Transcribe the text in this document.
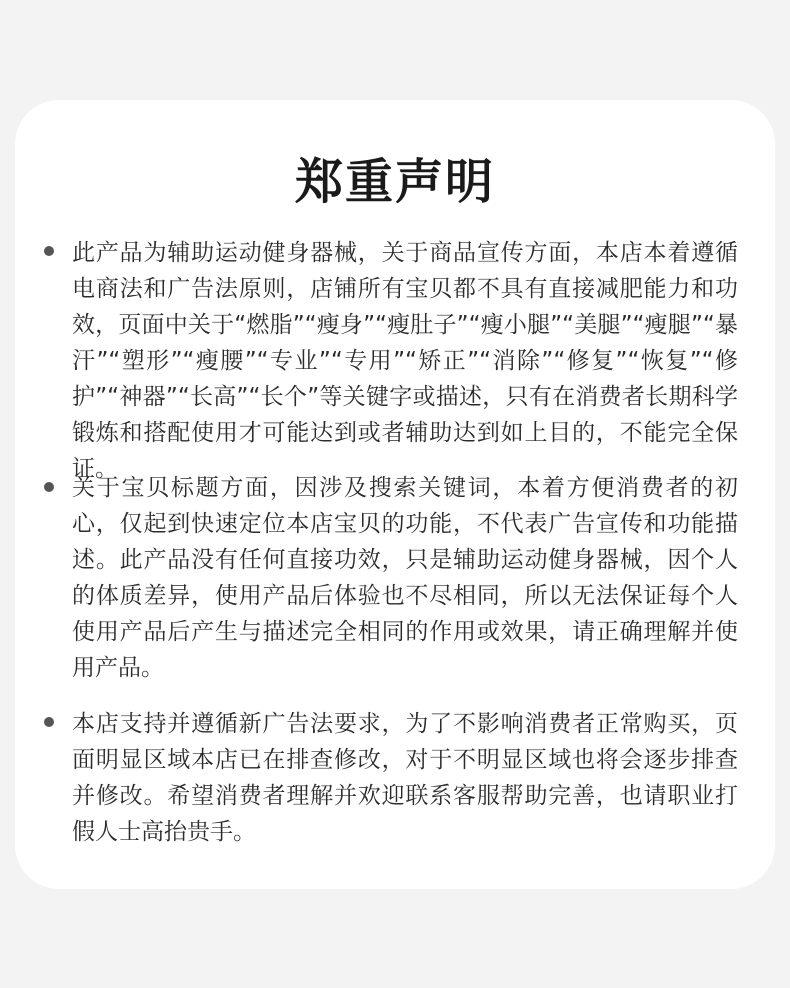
郑重声明
此产品为辅助运动健身器械，关于商品宣传方面，本店本着遵循电商法和广告法原则，店铺所有宝贝都不具有直接减肥能力和功效，页面中关于“燃脂”“瘦身”“瘦肚子”“瘦小腿”“美腿”“瘦腿”“暴汗”“塑形”“瘦腰”“专业”“专用”“矫正”“消除”“修复”“恢复”“修护”“神器”“长高”“长个”等关键字或描述，只有在消费者长期科学锻炼和搭配使用才可能达到或者辅助达到如上目的，不能完全保证。
关于宝贝标题方面，因涉及搜索关键词，本着方便消费者的初心，仅起到快速定位本店宝贝的功能，不代表广告宣传和功能描述。此产品没有任何直接功效，只是辅助运动健身器械，因个人的体质差异，使用产品后体验也不尽相同，所以无法保证每个人使用产品后产生与描述完全相同的作用或效果，请正确理解并使用产品。
本店支持并遵循新广告法要求，为了不影响消费者正常购买，页面明显区域本店已在排查修改，对于不明显区域也将会逐步排查并修改。希望消费者理解并欢迎联系客服帮助完善，也请职业打假人士高抬贵手。
